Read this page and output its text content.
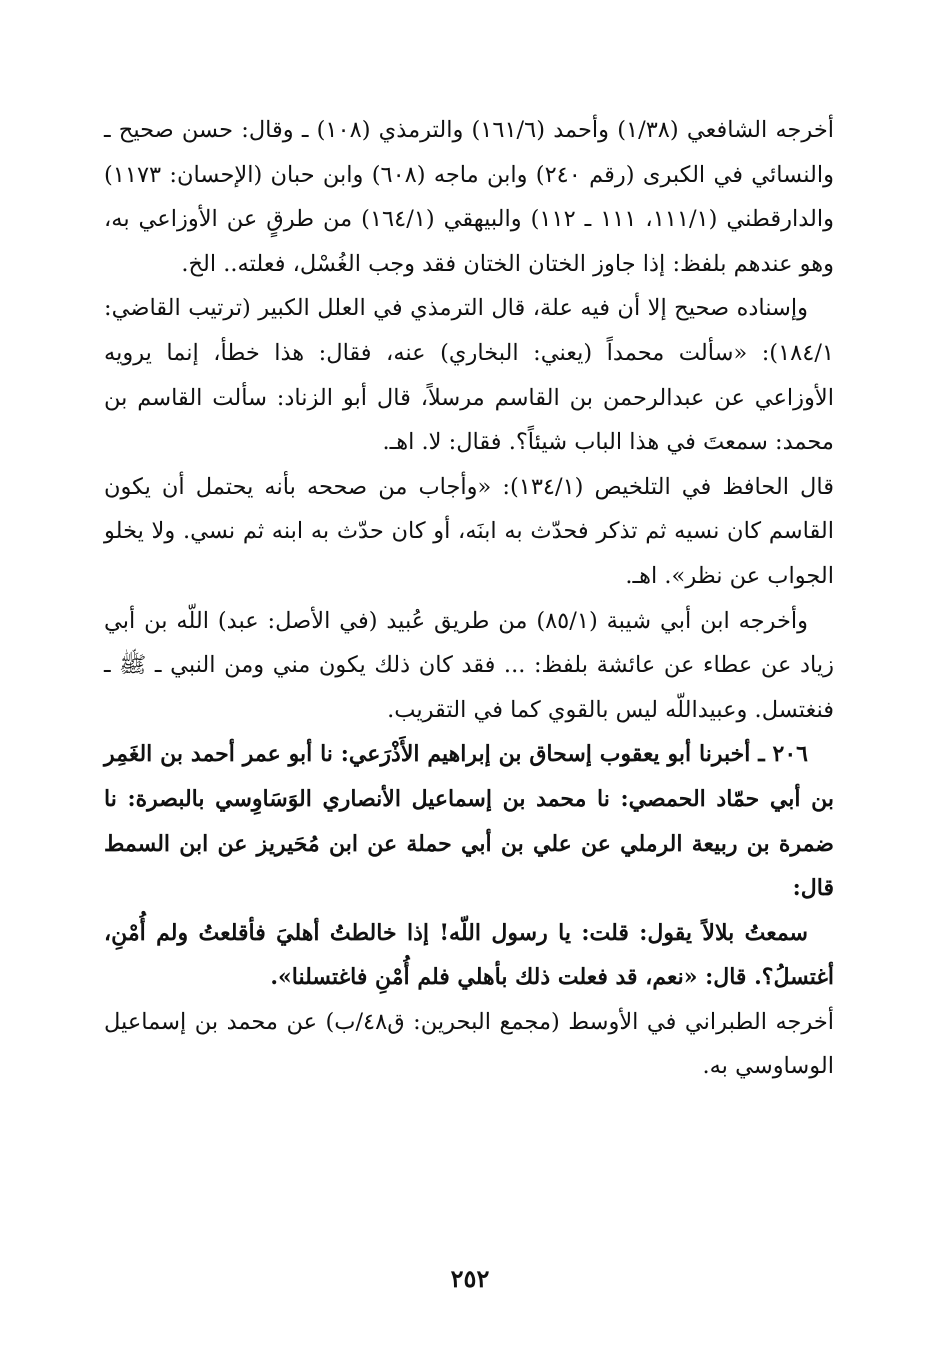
أخرجه الشافعي (١/٣٨) وأحمد (١٦١/٦) والترمذي (١٠٨) ـ وقال: حسن صحيح ـ والنسائي في الكبرى (رقم ٢٤٠) وابن ماجه (٦٠٨) وابن حبان (الإحسان: ١١٧٣) والدارقطني (١١١/١، ١١١ ـ ١١٢) والبيهقي (١٦٤/١) من طرقٍ عن الأوزاعي به، وهو عندهم بلفظ: إذا جاوز الختان الختان فقد وجب الغُسْل، فعلته.. الخ.

وإسناده صحيح إلا أن فيه علة، قال الترمذي في العلل الكبير (ترتيب القاضي: ١٨٤/١): «سألت محمداً (يعني: البخاري) عنه، فقال: هذا خطأ، إنما يرويه الأوزاعي عن عبدالرحمن بن القاسم مرسلاً، قال أبو الزناد: سألت القاسم بن محمد: سمعتَ في هذا الباب شيئاً؟. فقال: لا. اهـ.

قال الحافظ في التلخيص (١٣٤/١): «وأجاب من صححه بأنه يحتمل أن يكون القاسم كان نسيه ثم تذكر فحدّث به ابنَه، أو كان حدّث به ابنه ثم نسي. ولا يخلو الجواب عن نظر». اهـ.

وأخرجه ابن أبي شيبة (٨٥/١) من طريق عُبيد (في الأصل: عبد) اللّه بن أبي زياد عن عطاء عن عائشة بلفظ: ... فقد كان ذلك يكون مني ومن النبي ـ ﷺ ـ فنغتسل. وعبيداللّه ليس بالقوي كما في التقريب.

٢٠٦ ـ أخبرنا أبو يعقوب إسحاق بن إبراهيم الأَذْرَعي: نا أبو عمر أحمد بن الغَمِر بن أبي حمّاد الحمصي: نا محمد بن إسماعيل الأنصاري الوَسَاوِسي بالبصرة: نا ضمرة بن ربيعة الرملي عن علي بن أبي حملة عن ابن مُحَيريز عن ابن السمط قال:

سمعتُ بلالاً يقول: قلت: يا رسول اللّه! إذا خالطتُ أهليَ فأقلعتُ ولم أُمْنِ، أغتسلُ؟. قال: «نعم، قد فعلت ذلك بأهلي فلم أُمْنِ فاغتسلنا».

أخرجه الطبراني في الأوسط (مجمع البحرين: ق٤٨/ب) عن محمد بن إسماعيل الوساوسي به.

٢٥٢
